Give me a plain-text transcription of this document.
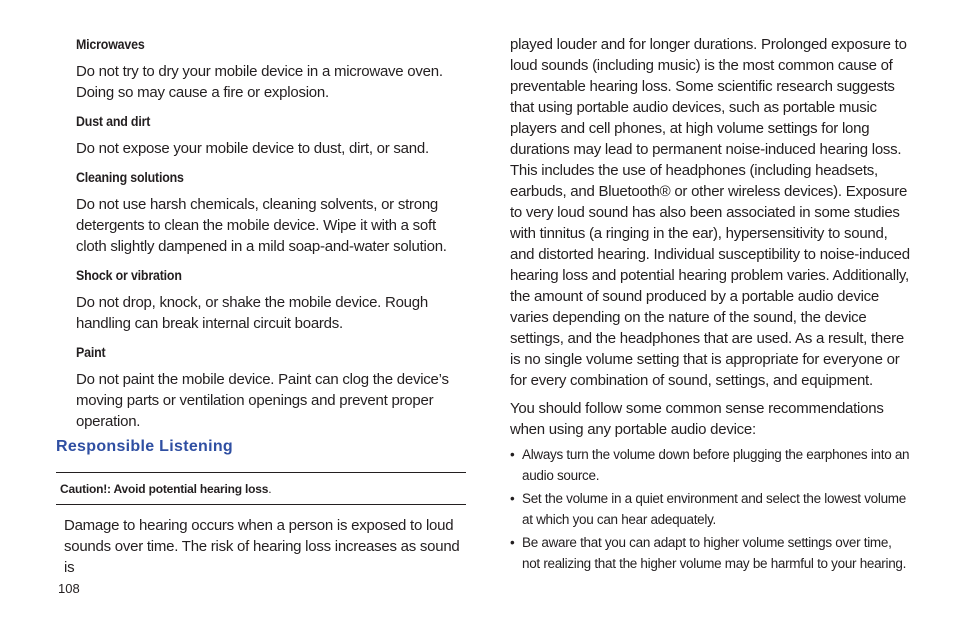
Microwaves

Do not try to dry your mobile device in a microwave oven. Doing so may cause a fire or explosion.

Dust and dirt

Do not expose your mobile device to dust, dirt, or sand.

Cleaning solutions

Do not use harsh chemicals, cleaning solvents, or strong detergents to clean the mobile device. Wipe it with a soft cloth slightly dampened in a mild soap-and-water solution.

Shock or vibration

Do not drop, knock, or shake the mobile device. Rough handling can break internal circuit boards.

Paint

Do not paint the mobile device. Paint can clog the device’s moving parts or ventilation openings and prevent proper operation.

Responsible Listening
Caution!: Avoid potential hearing loss.

Damage to hearing occurs when a person is exposed to loud sounds over time. The risk of hearing loss increases as sound is

played louder and for longer durations. Prolonged exposure to loud sounds (including music) is the most common cause of preventable hearing loss. Some scientific research suggests that using portable audio devices, such as portable music players and cell phones, at high volume settings for long durations may lead to permanent noise-induced hearing loss. This includes the use of headphones (including headsets, earbuds, and Bluetooth® or other wireless devices). Exposure to very loud sound has also been associated in some studies with tinnitus (a ringing in the ear), hypersensitivity to sound, and distorted hearing. Individual susceptibility to noise-induced hearing loss and potential hearing problem varies. Additionally, the amount of sound produced by a portable audio device varies depending on the nature of the sound, the device settings, and the headphones that are used. As a result, there is no single volume setting that is appropriate for everyone or for every combination of sound, settings, and equipment.

You should follow some common sense recommendations when using any portable audio device:

• Always turn the volume down before plugging the earphones into an audio source.
• Set the volume in a quiet environment and select the lowest volume at which you can hear adequately.
• Be aware that you can adapt to higher volume settings over time, not realizing that the higher volume may be harmful to your hearing.
108
